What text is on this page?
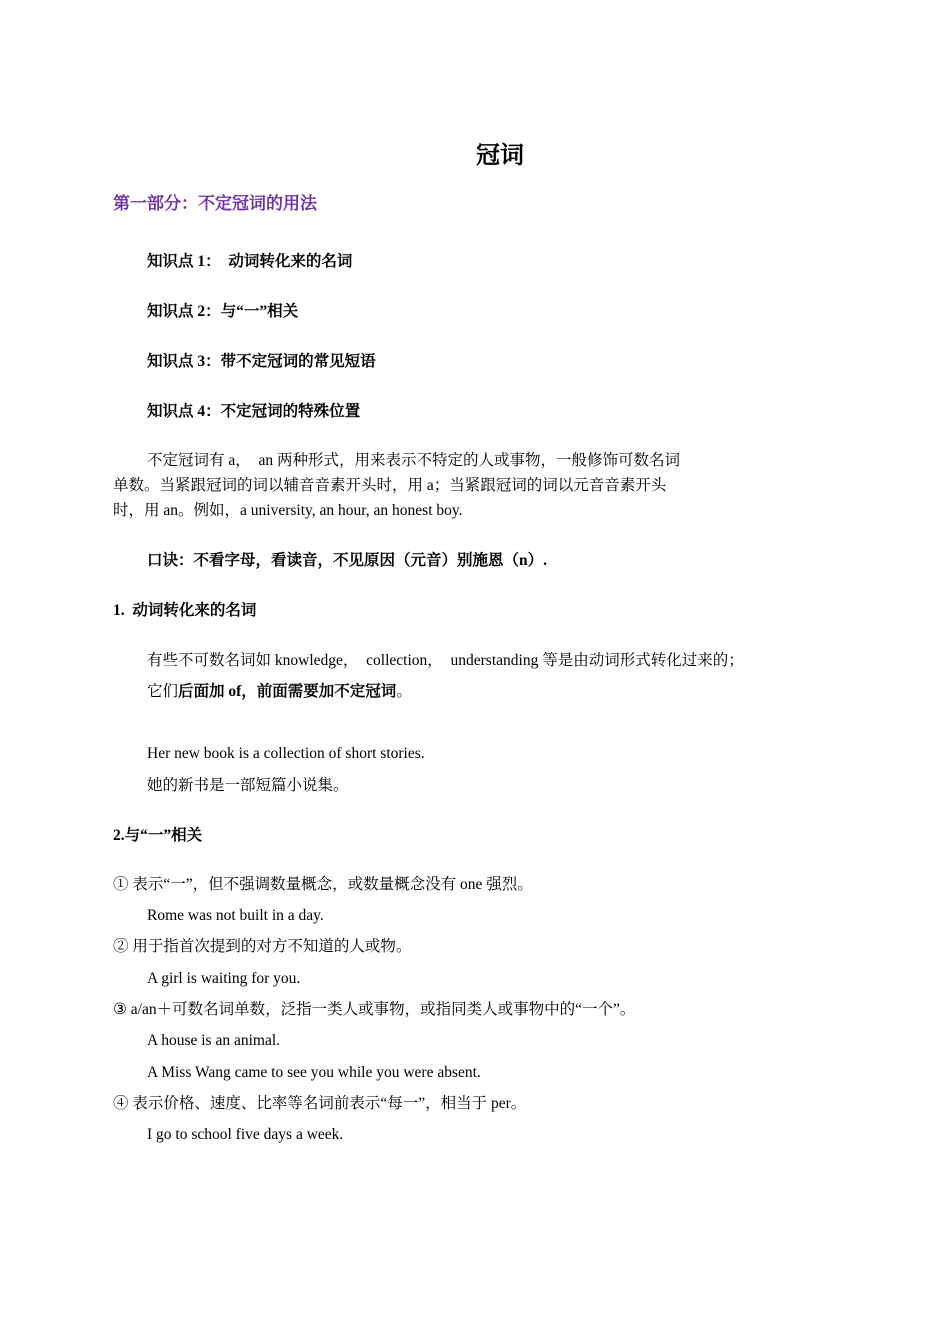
冠词
第一部分：不定冠词的用法
知识点 1：  动词转化来的名词
知识点 2：与“一”相关
知识点 3：带不定冠词的常见短语
知识点 4：不定冠词的特殊位置
不定冠词有 a，  an 两种形式，用来表示不特定的人或事物，一般修饰可数名词
单数。当紧跟冠词的词以辅音音素开头时，用 a；当紧跟冠词的词以元音音素开头
时，用 an。例如，a university, an hour, an honest boy.
口诀：不看字母，看读音，不见原因（元音）别施恩（n）.
1.  动词转化来的名词
有些不可数名词如 knowledge，  collection，  understanding 等是由动词形式转化过来的；
它们后面加 of，前面需要加不定冠词。
Her new book is a collection of short stories.
她的新书是一部短篇小说集。
2.与“一”相关
① 表示“一”，但不强调数量概念，或数量概念没有 one 强烈。
Rome was not built in a day.
② 用于指首次提到的对方不知道的人或物。
A girl is waiting for you.
③ a/an＋可数名词单数，泛指一类人或事物，或指同类人或事物中的“一个”。
A house is an animal.
A Miss Wang came to see you while you were absent.
④ 表示价格、速度、比率等名词前表示“每一”，相当于 per。
I go to school five days a week.
